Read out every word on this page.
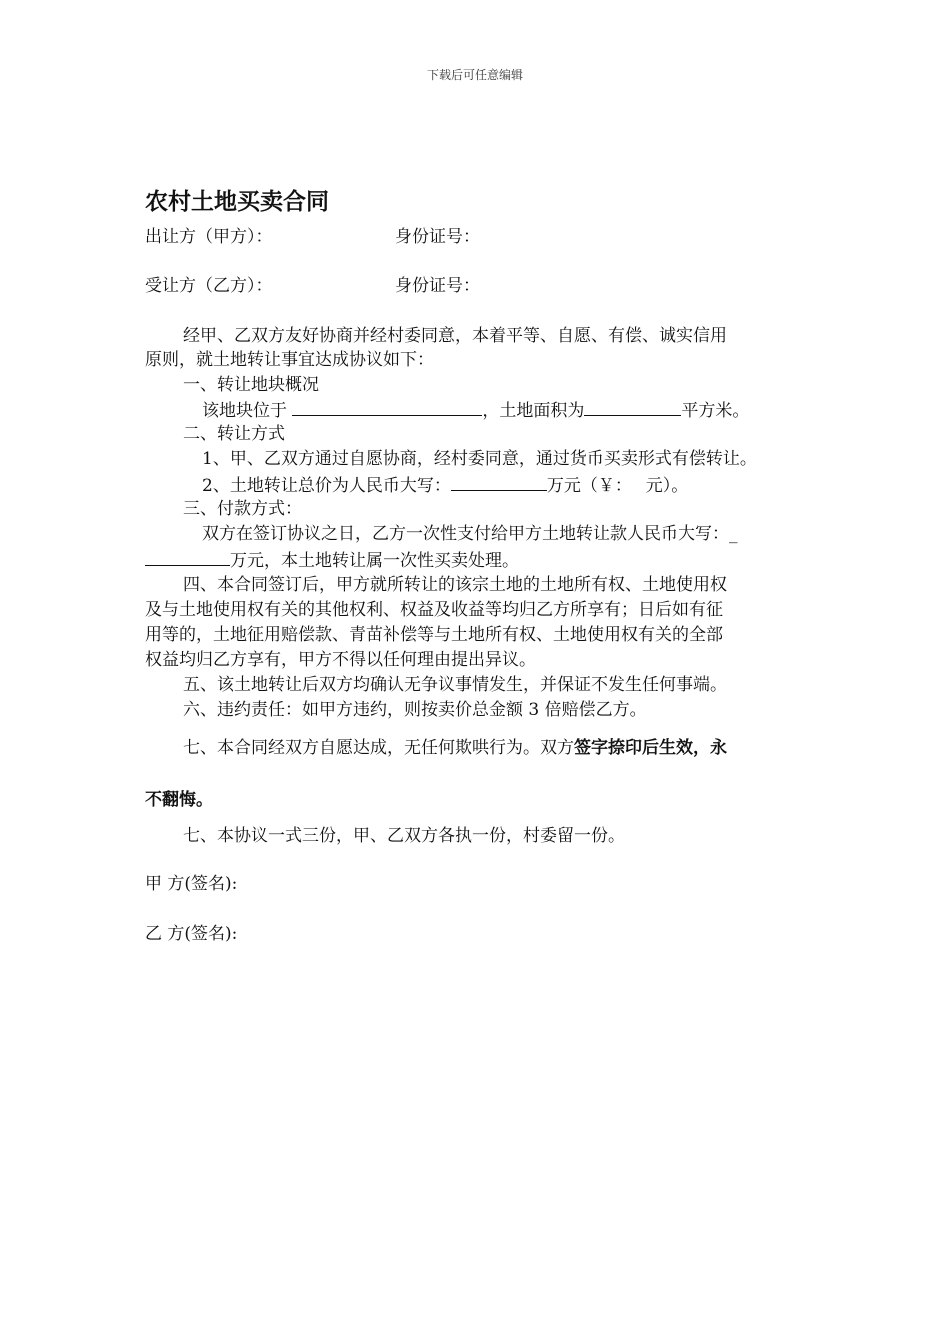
下载后可任意编辑
农村土地买卖合同
出让方（甲方）：	身份证号：
受让方（乙方）：	身份证号：
经甲、乙双方友好协商并经村委同意，本着平等、自愿、有偿、诚实信用
原则，就土地转让事宜达成协议如下：
一、转让地块概况
该地块位于	，土地面积为	平方米。
二、转让方式
1、甲、乙双方通过自愿协商，经村委同意，通过货币买卖形式有偿转让。
2、土地转让总价为人民币大写：	万元（￥：　 元）。
三、付款方式：
双方在签订协议之日，乙方一次性支付给甲方土地转让款人民币大写：_
万元，本土地转让属一次性买卖处理。
四、本合同签订后，甲方就所转让的该宗土地的土地所有权、土地使用权
及与土地使用权有关的其他权利、权益及收益等均归乙方所享有；日后如有征
用等的，土地征用赔偿款、青苗补偿等与土地所有权、土地使用权有关的全部
权益均归乙方享有，甲方不得以任何理由提出异议。
五、该土地转让后双方均确认无争议事情发生，并保证不发生任何事端。
六、违约责任：如甲方违约，则按卖价总金额 3 倍赔偿乙方。
七、本合同经双方自愿达成，无任何欺哄行为。双方签字捺印后生效，永
不翻悔。
七、本协议一式三份，甲、乙双方各执一份，村委留一份。
甲 方(签名):
乙 方(签名):
